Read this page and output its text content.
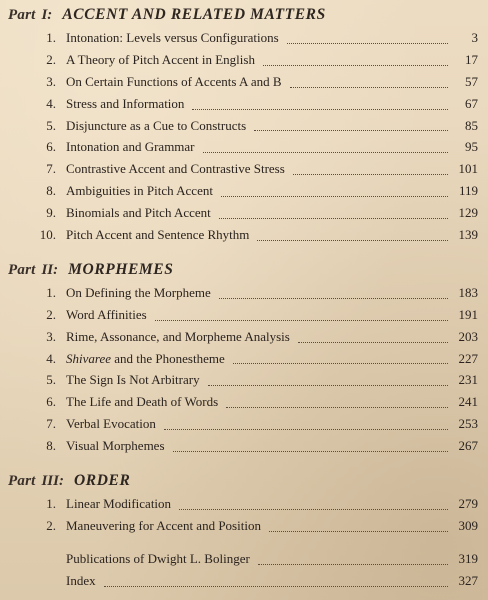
Part I: ACCENT AND RELATED MATTERS
1. Intonation: Levels versus Configurations	3
2. A Theory of Pitch Accent in English	17
3. On Certain Functions of Accents A and B	57
4. Stress and Information	67
5. Disjuncture as a Cue to Constructs	85
6. Intonation and Grammar	95
7. Contrastive Accent and Contrastive Stress	101
8. Ambiguities in Pitch Accent	119
9. Binomials and Pitch Accent	129
10. Pitch Accent and Sentence Rhythm	139
Part II: MORPHEMES
1. On Defining the Morpheme	183
2. Word Affinities	191
3. Rime, Assonance, and Morpheme Analysis	203
4. Shivaree and the Phonestheme	227
5. The Sign Is Not Arbitrary	231
6. The Life and Death of Words	241
7. Verbal Evocation	253
8. Visual Morphemes	267
Part III: ORDER
1. Linear Modification	279
2. Maneuvering for Accent and Position	309
Publications of Dwight L. Bolinger	319
Index	327
